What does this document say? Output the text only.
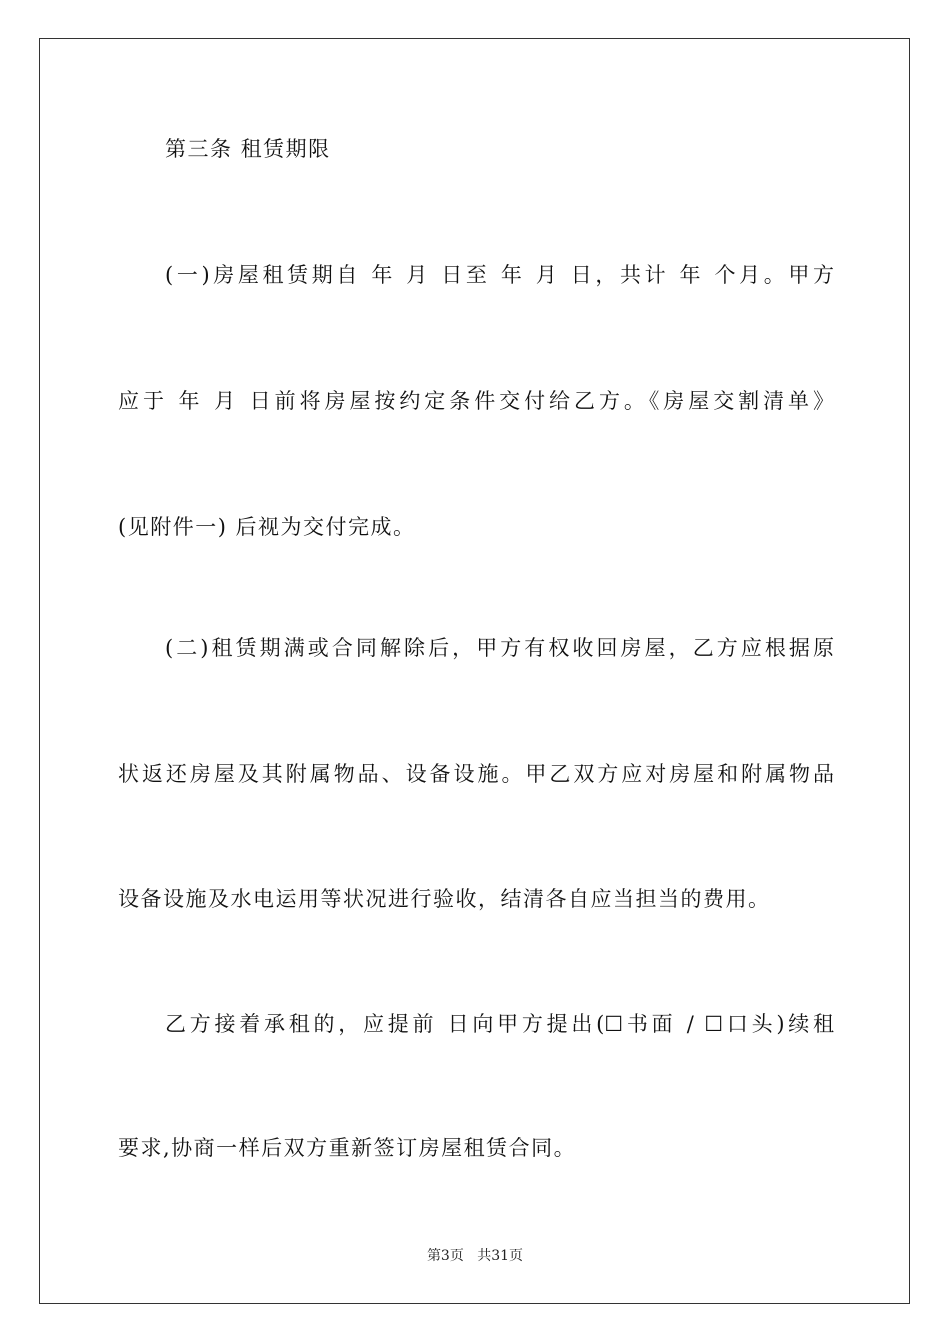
第三条 租赁期限
(一)房屋租赁期自 年 月 日至 年 月 日，共计 年 个月。甲方
应于 年 月 日前将房屋按约定条件交付给乙方。《房屋交割清单》
(见附件一) 后视为交付完成。
(二)租赁期满或合同解除后，甲方有权收回房屋，乙方应根据原
状返还房屋及其附属物品、设备设施。甲乙双方应对房屋和附属物品
设备设施及水电运用等状况进行验收，结清各自应当担当的费用。
乙方接着承租的，应提前 日向甲方提出(☐书面 / ☐口头)续租
要求,协商一样后双方重新签订房屋租赁合同。
第3页 共31页
